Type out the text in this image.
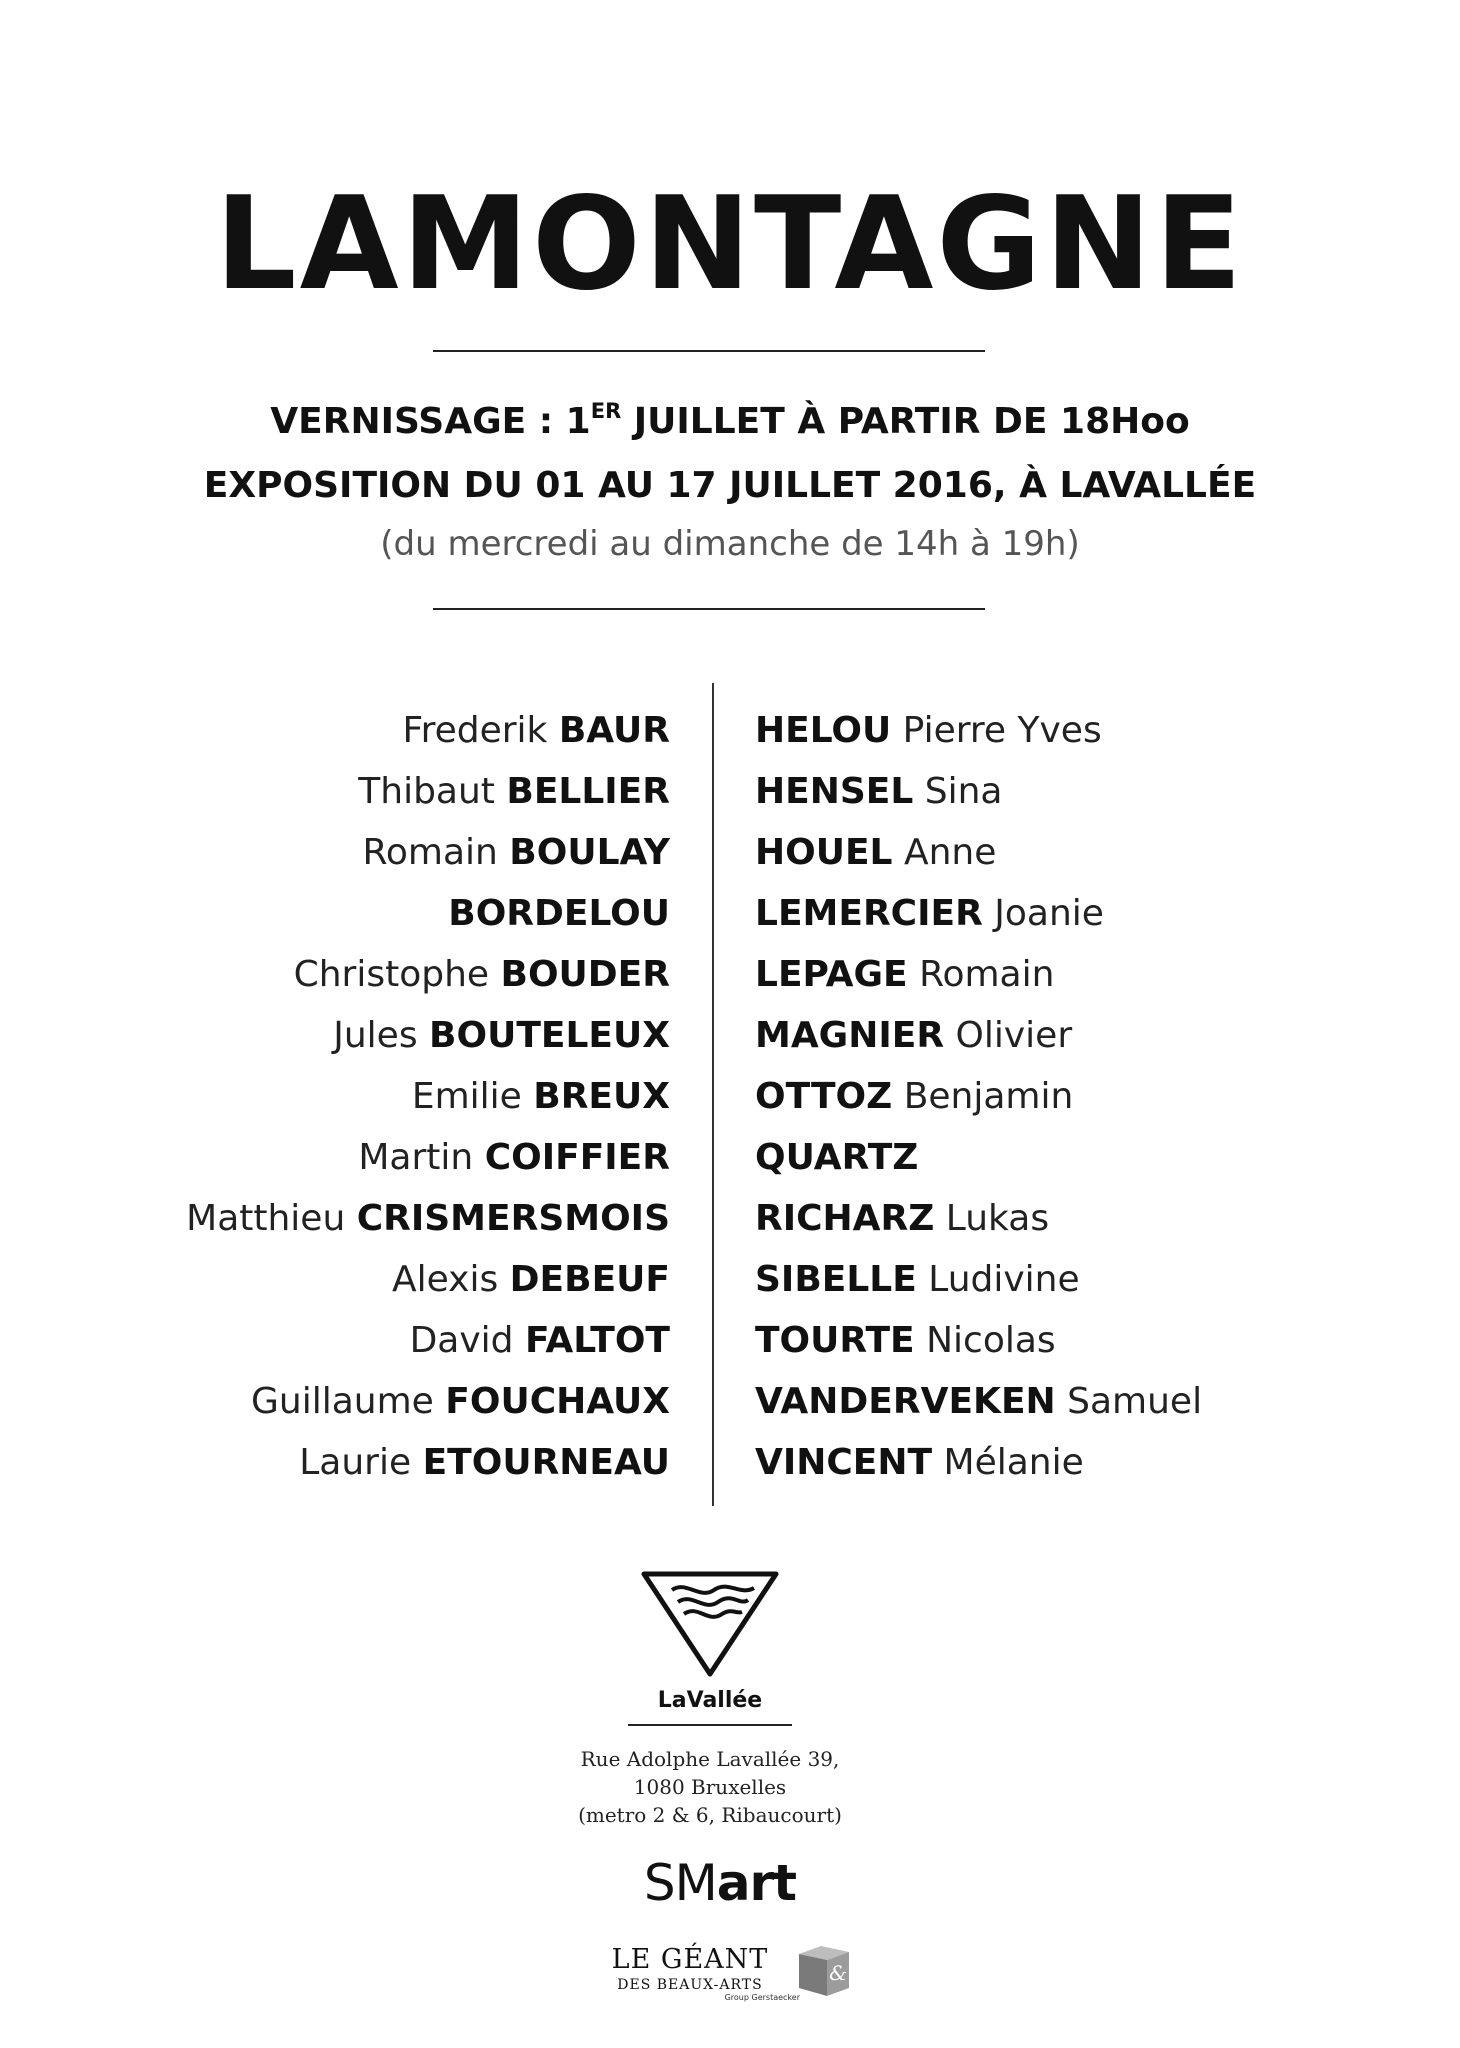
LAMONTAGNE
VERNISSAGE : 1ER JUILLET À PARTIR DE 18Hoo
EXPOSITION DU 01 AU 17 JUILLET 2016, À LAVALLÉE
(du mercredi au dimanche de 14h à 19h)
Frederik BAUR
Thibaut BELLIER
Romain BOULAY
BORDELOU
Christophe BOUDER
Jules BOUTELEUX
Emilie BREUX
Martin COIFFIER
Matthieu CRISMERSMOIS
Alexis DEBEUF
David FALTOT
Guillaume FOUCHAUX
Laurie ETOURNEAU
HELOU Pierre Yves
HENSEL Sina
HOUEL Anne
LEMERCIER Joanie
LEPAGE Romain
MAGNIER Olivier
OTTOZ Benjamin
QUARTZ
RICHARZ Lukas
SIBELLE Ludivine
TOURTE Nicolas
VANDERVEKEN Samuel
VINCENT Mélanie
LaVallée
Rue Adolphe Lavallée 39,
1080 Bruxelles
(metro 2 & 6, Ribaucourt)
SMart
LE GÉANT
DES BEAUX-ARTS
Group Gerstaecker
&
